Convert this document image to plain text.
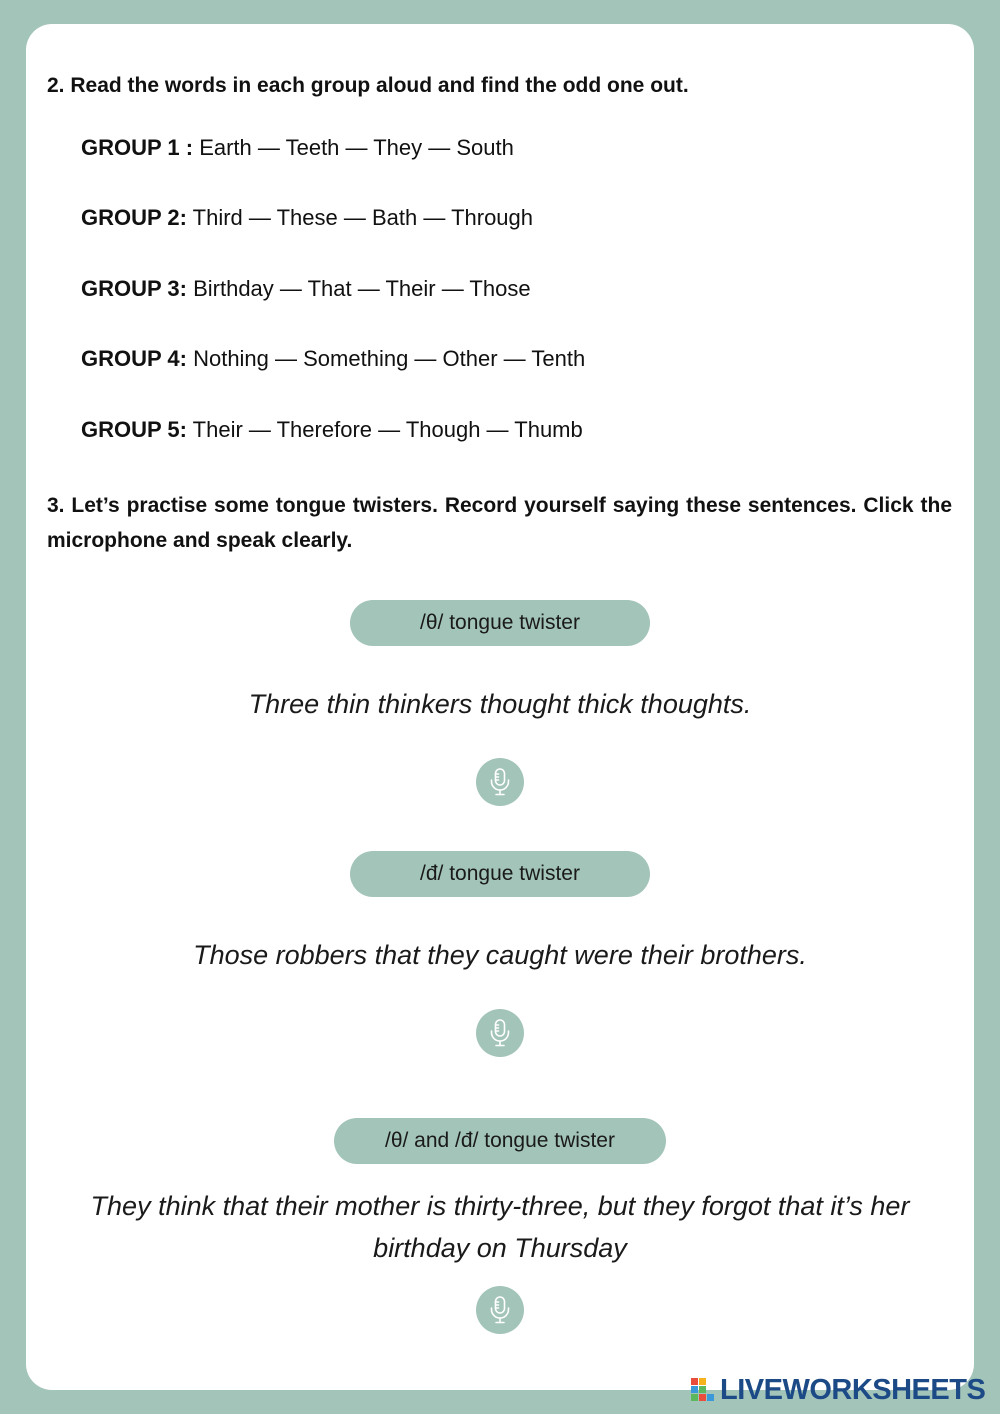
2. Read the words in each group aloud and find the odd one out.

GROUP 1 : Earth — Teeth — They — South

GROUP 2: Third — These — Bath — Through

GROUP 3: Birthday — That — Their — Those

GROUP 4: Nothing — Something — Other — Tenth

GROUP 5: Their — Therefore — Though — Thumb

3. Let’s practise some tongue twisters. Record yourself saying these sentences. Click the microphone and speak clearly.

/θ/ tongue twister

Three thin thinkers thought thick thoughts.

/đ/ tongue twister

Those robbers that they caught were their brothers.

/θ/ and /đ/ tongue twister

They think that their mother is thirty-three, but they forgot that it’s her
birthday on Thursday

LIVEWORKSHEETS
